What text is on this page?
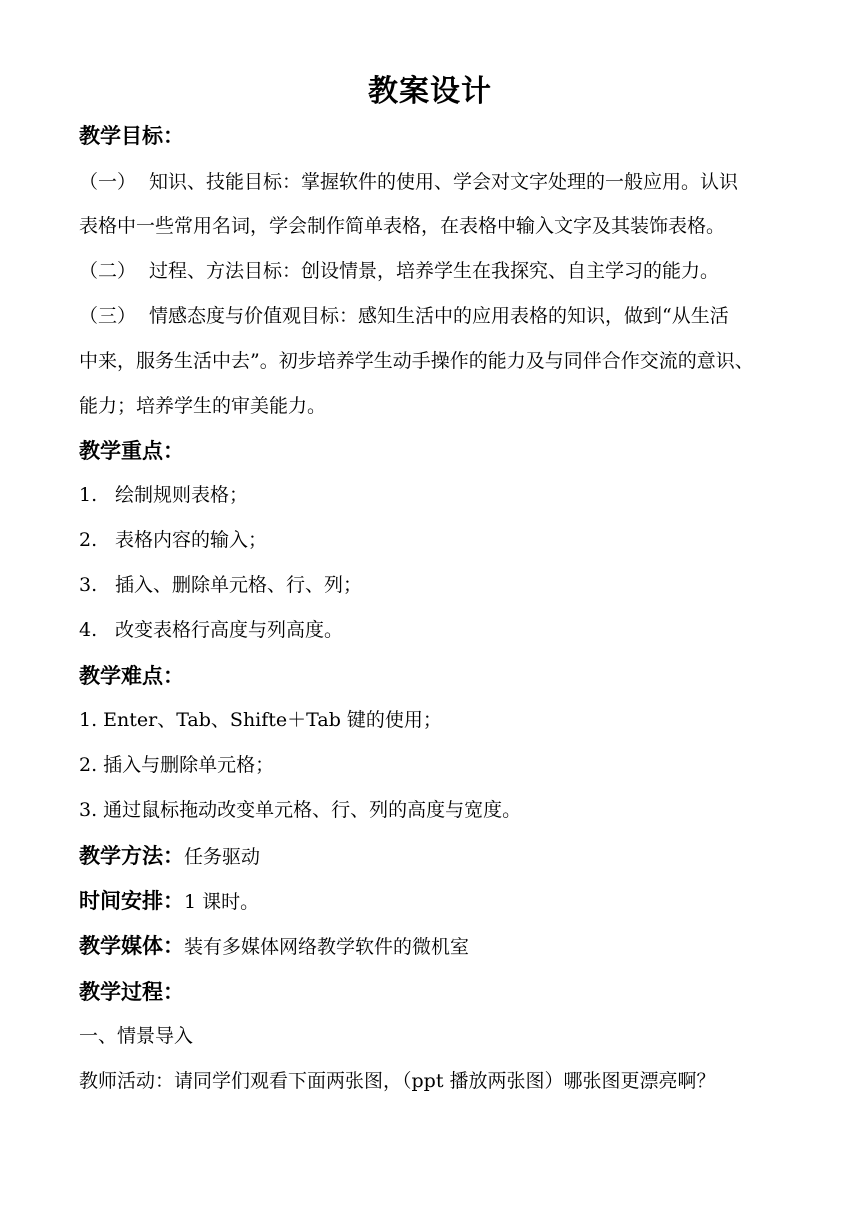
教案设计
教学目标：
（一） 知识、技能目标：掌握软件的使用、学会对文字处理的一般应用。认识
表格中一些常用名词，学会制作简单表格，在表格中输入文字及其装饰表格。
（二） 过程、方法目标：创设情景，培养学生在我探究、自主学习的能力。
（三） 情感态度与价值观目标：感知生活中的应用表格的知识，做到“从生活
中来，服务生活中去”。初步培养学生动手操作的能力及与同伴合作交流的意识、
能力；培养学生的审美能力。
教学重点：
1. 绘制规则表格；
2. 表格内容的输入；
3. 插入、删除单元格、行、列；
4. 改变表格行高度与列高度。
教学难点：
1. Enter、Tab、Shifte＋Tab 键的使用；
2. 插入与删除单元格；
3. 通过鼠标拖动改变单元格、行、列的高度与宽度。
教学方法：任务驱动
时间安排：1 课时。
教学媒体：装有多媒体网络教学软件的微机室
教学过程：
一、情景导入
教师活动：请同学们观看下面两张图，（ppt 播放两张图）哪张图更漂亮啊？
